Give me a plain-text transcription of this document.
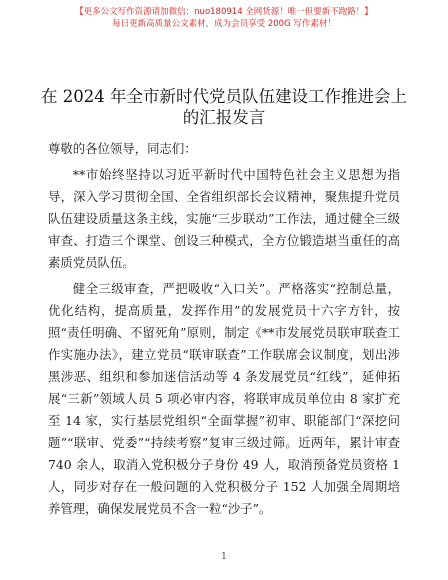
【更多公文写作资源请加微信：nuo180914 全网货源！唯一但要新不跑路！】
每日更新高质量公文素材，成为会员享受 200G 写作素材！
在 2024 年全市新时代党员队伍建设工作推进会上的汇报发言

尊敬的各位领导，同志们：

**市始终坚持以习近平新时代中国特色社会主义思想为指导，深入学习贯彻全国、全省组织部长会议精神，聚焦提升党员队伍建设质量这条主线，实施“三步联动”工作法，通过健全三级审查、打造三个课堂、创设三种模式，全方位锻造堪当重任的高素质党员队伍。

健全三级审查，严把吸收“入口关”。严格落实“控制总量，优化结构，提高质量，发挥作用”的发展党员十六字方针，按照“责任明确、不留死角”原则，制定《**市发展党员联审联查工作实施办法》，建立党员“联审联查”工作联席会议制度，划出涉黑涉恶、组织和参加迷信活动等 4 条发展党员“红线”，延伸拓展“三新”领域人员 5 项必审内容，将联审成员单位由 8 家扩充至 14 家，实行基层党组织“全面掌握”初审、职能部门“深挖问题”“联审、党委”“持续考察”复审三级过筛。近两年，累计审查 740 余人，取消入党积极分子身份 49 人，取消预备党员资格 1 人，同步对存在一般问题的入党积极分子 152 人加强全周期培养管理，确保发展党员不含一粒“沙子”。

1
